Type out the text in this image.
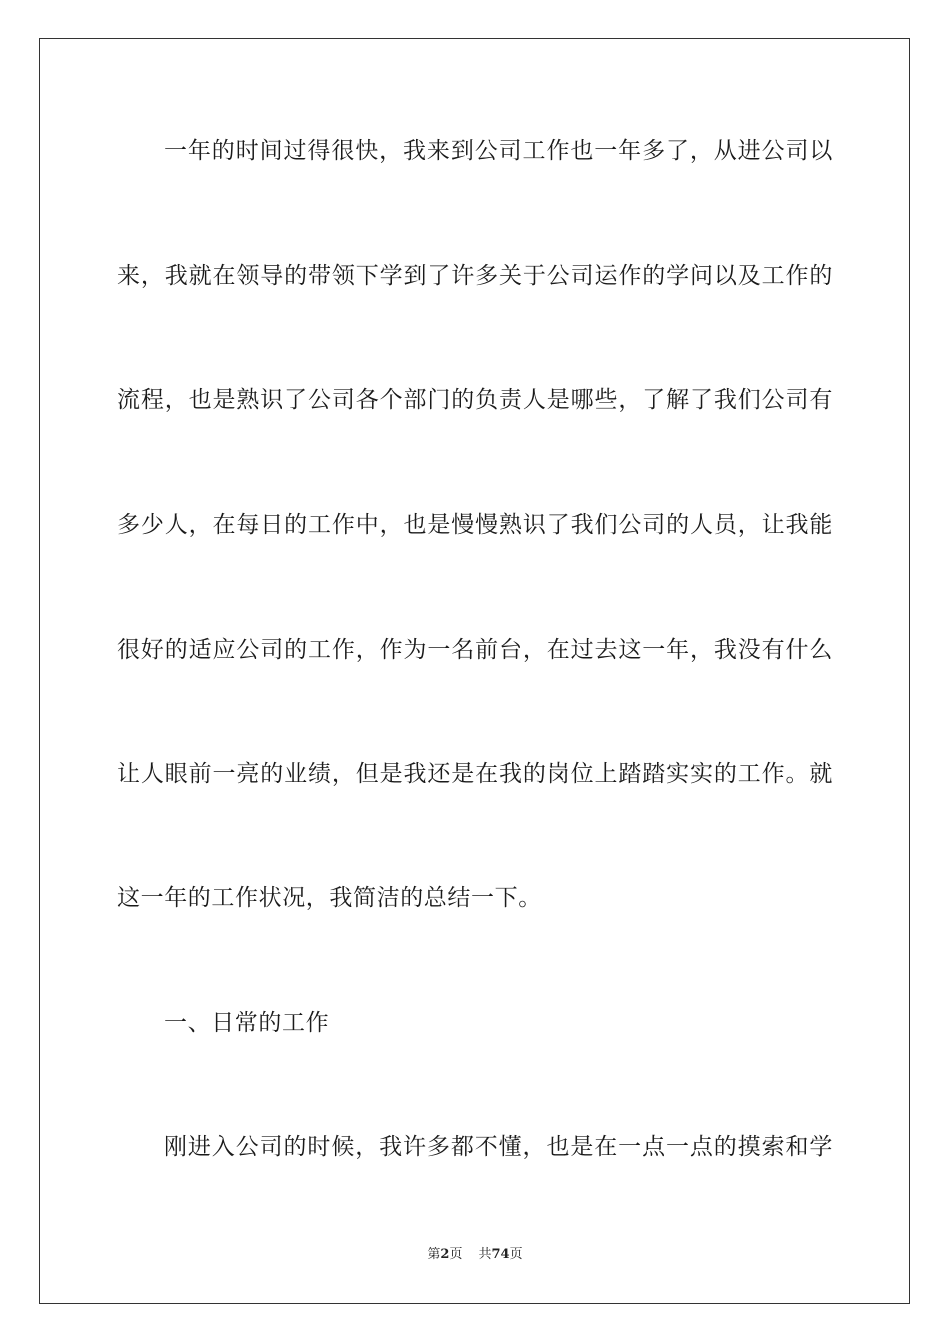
一年的时间过得很快，我来到公司工作也一年多了，从进公司以
来，我就在领导的带领下学到了许多关于公司运作的学问以及工作的
流程，也是熟识了公司各个部门的负责人是哪些，了解了我们公司有
多少人，在每日的工作中，也是慢慢熟识了我们公司的人员，让我能
很好的适应公司的工作，作为一名前台，在过去这一年，我没有什么
让人眼前一亮的业绩，但是我还是在我的岗位上踏踏实实的工作。就
这一年的工作状况，我简洁的总结一下。
一、日常的工作
刚进入公司的时候，我许多都不懂，也是在一点一点的摸索和学
第2页 共74页
